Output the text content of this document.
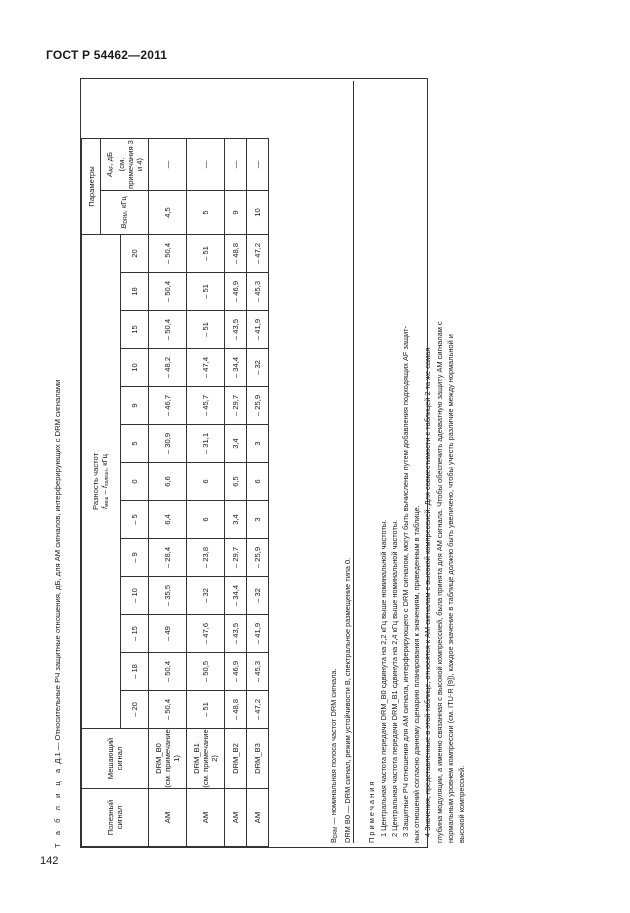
ГОСТ Р 54462—2011
142
Т а б л и ц а Д.1 — Относительные РЧ защитные отношения, дБ, для AM сигналов, интерферирующих с DRM сигналами
Полезный сигнал	Мешающий сигнал	Разность частот $f_{меш} - f_{полезн}$, кГц													Параметры	
															$B_{DRM}$, кГц	$A_{AF}$, дБ (см. примечания 3 и 4)
		– 20	– 18	– 15	– 10	– 9	– 5	0	5	9	10	15	18	20		
AM	DRM_B0 (см. примечание 1)	– 50,4	– 50,4	– 49	– 35,5	– 28,4	6,4	6,6	– 30,9	– 46,7	– 48,2	– 50,4	– 50,4	– 50,4	4,5	—
AM	DRM_B1 (см. примечание 2)	– 51	– 50,5	– 47,6	– 32	– 23,8	6	6	– 31,1	– 45,7	– 47,4	– 51	– 51	– 51	5	—
AM	DRM_B2	– 48,8	– 46,9	– 43,5	– 34,4	– 29,7	3,4	6,5	3,4	– 29,7	– 34,4	– 43,5	– 46,9	– 48,8	9	—
AM	DRM_B3	– 47,2	– 45,3	– 41,9	– 32	– 25,9	3	6	3	– 25,9	– 32	– 41,9	– 45,3	– 47,2	10	—
$B_{DRM}$ — номинальная полоса частот DRM сигнала. DRM B0 — DRM сигнал, режим устойчивости B, спектральное размещение типа 0. П р и м е ч а н и я 1 Центральная частота передачи DRM_B0 сдвинута на 2,2 кГц выше номинальной частоты. 2 Центральная частота передачи DRM_B1 сдвинута на 2,4 кГц выше номинальной частоты. 3 Защитные РЧ отношения для AM сигнала, интерферирующего с DRM сигналом, могут быть вычислены путем добавления подходящих AF защит- ных отношений согласно данному сценарию планирования к значениям, приведенным в таблице. 4 Значения, представленные в этой таблице, относятся к AM сигналам с высокой компрессией. Для совместимости с таблицей 2 та же самая глубина модуляции, а именно связанная с высокой компрессией, была принята для AM сигнала. Чтобы обеспечить адекватную защиту AM сигналам с нормальным уровнем компрессии (см. ITU-R [9]), каждое значение в таблице должно быть увеличено, чтобы учесть различие между нормальной и высокой компрессией.
